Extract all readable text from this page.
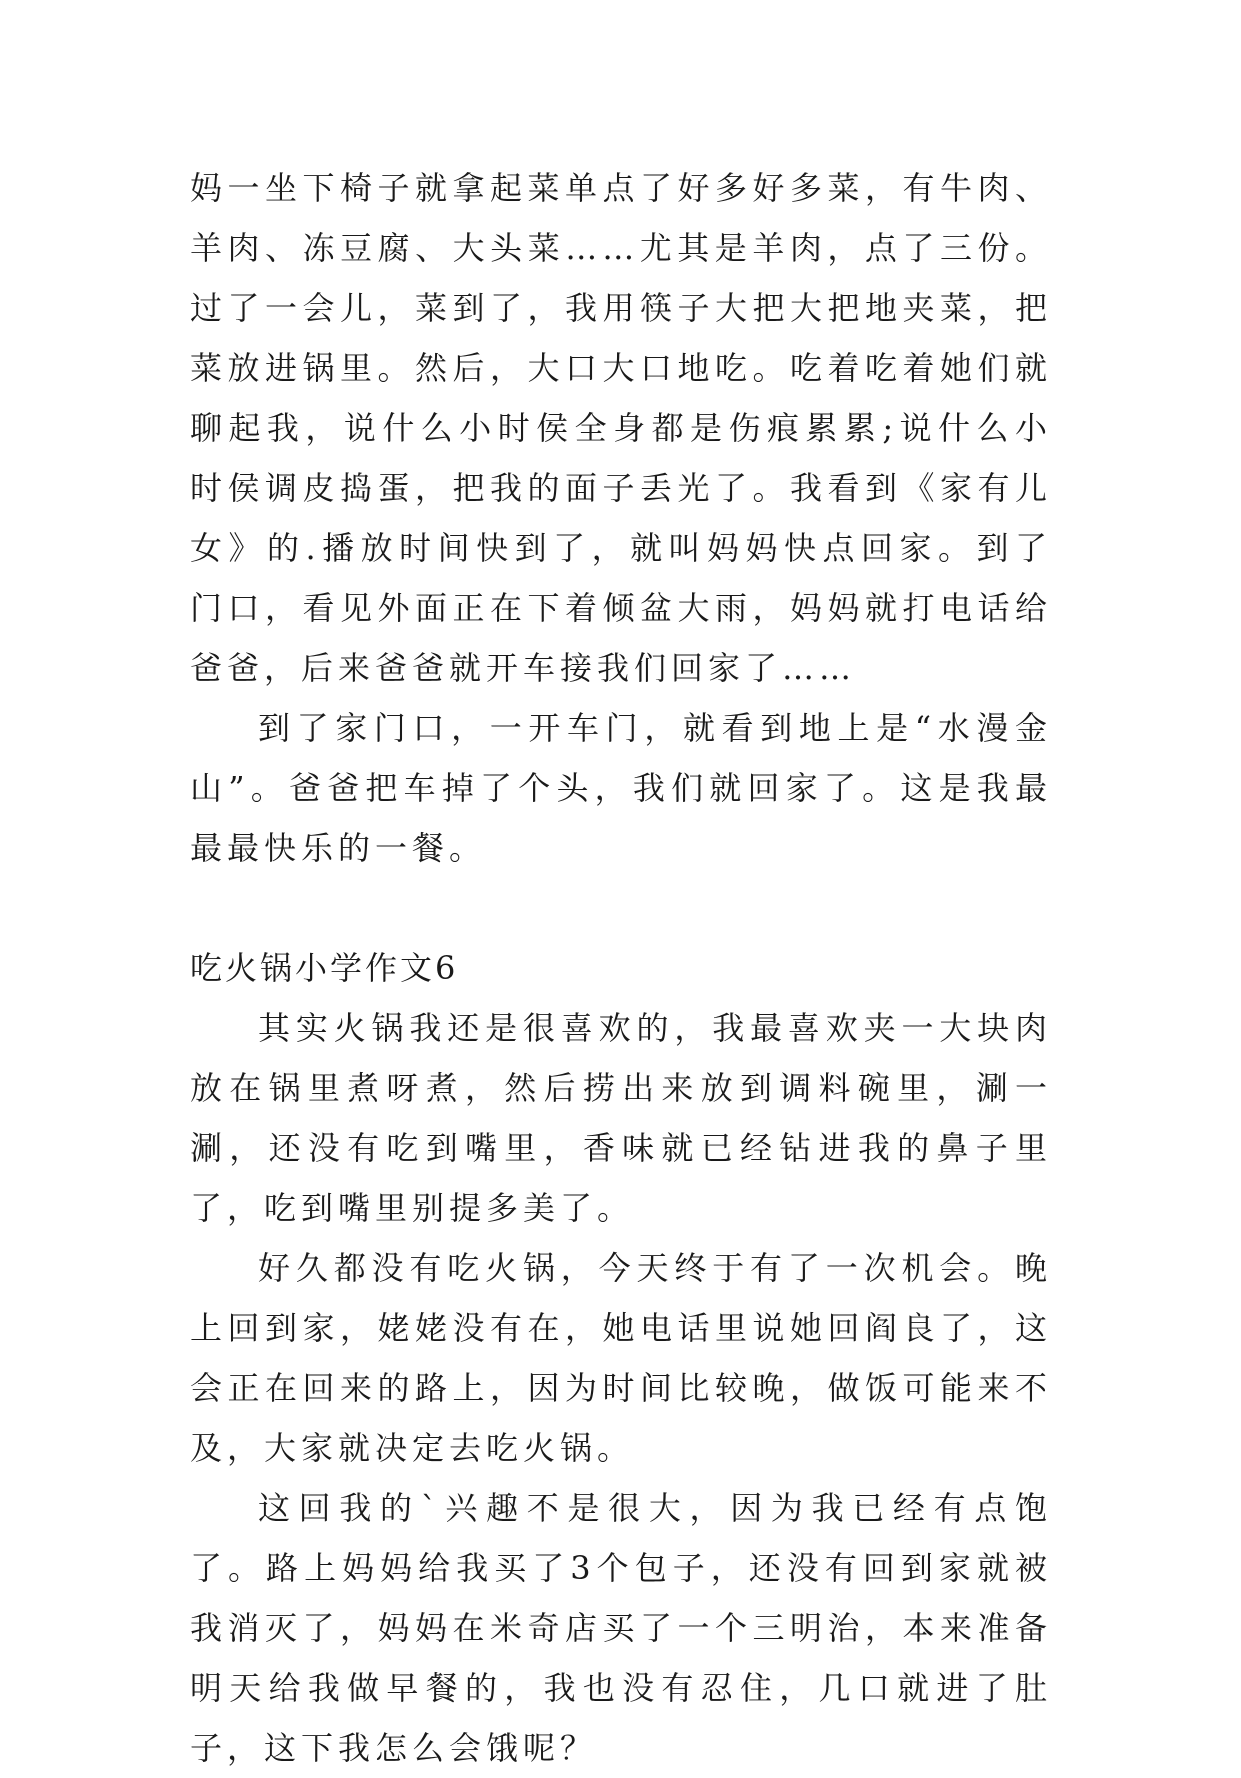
妈一坐下椅子就拿起菜单点了好多好多菜，有牛肉、羊肉、冻豆腐、大头菜……尤其是羊肉，点了三份。过了一会儿，菜到了，我用筷子大把大把地夹菜，把菜放进锅里。然后，大口大口地吃。吃着吃着她们就聊起我，说什么小时侯全身都是伤痕累累;说什么小时侯调皮捣蛋，把我的面子丢光了。我看到《家有儿女》的.播放时间快到了，就叫妈妈快点回家。到了门口，看见外面正在下着倾盆大雨，妈妈就打电话给爸爸，后来爸爸就开车接我们回家了……

到了家门口，一开车门，就看到地上是“水漫金山”。爸爸把车掉了个头，我们就回家了。这是我最最最快乐的一餐。

吃火锅小学作文6

其实火锅我还是很喜欢的，我最喜欢夹一大块肉放在锅里煮呀煮，然后捞出来放到调料碗里，涮一涮，还没有吃到嘴里，香味就已经钻进我的鼻子里了，吃到嘴里别提多美了。

好久都没有吃火锅，今天终于有了一次机会。晚上回到家，姥姥没有在，她电话里说她回阎良了，这会正在回来的路上，因为时间比较晚，做饭可能来不及，大家就决定去吃火锅。

这回我的`兴趣不是很大，因为我已经有点饱了。路上妈妈给我买了3个包子，还没有回到家就被我消灭了，妈妈在米奇店买了一个三明治，本来准备明天给我做早餐的，我也没有忍住，几口就进了肚子，这下我怎么会饿呢？
